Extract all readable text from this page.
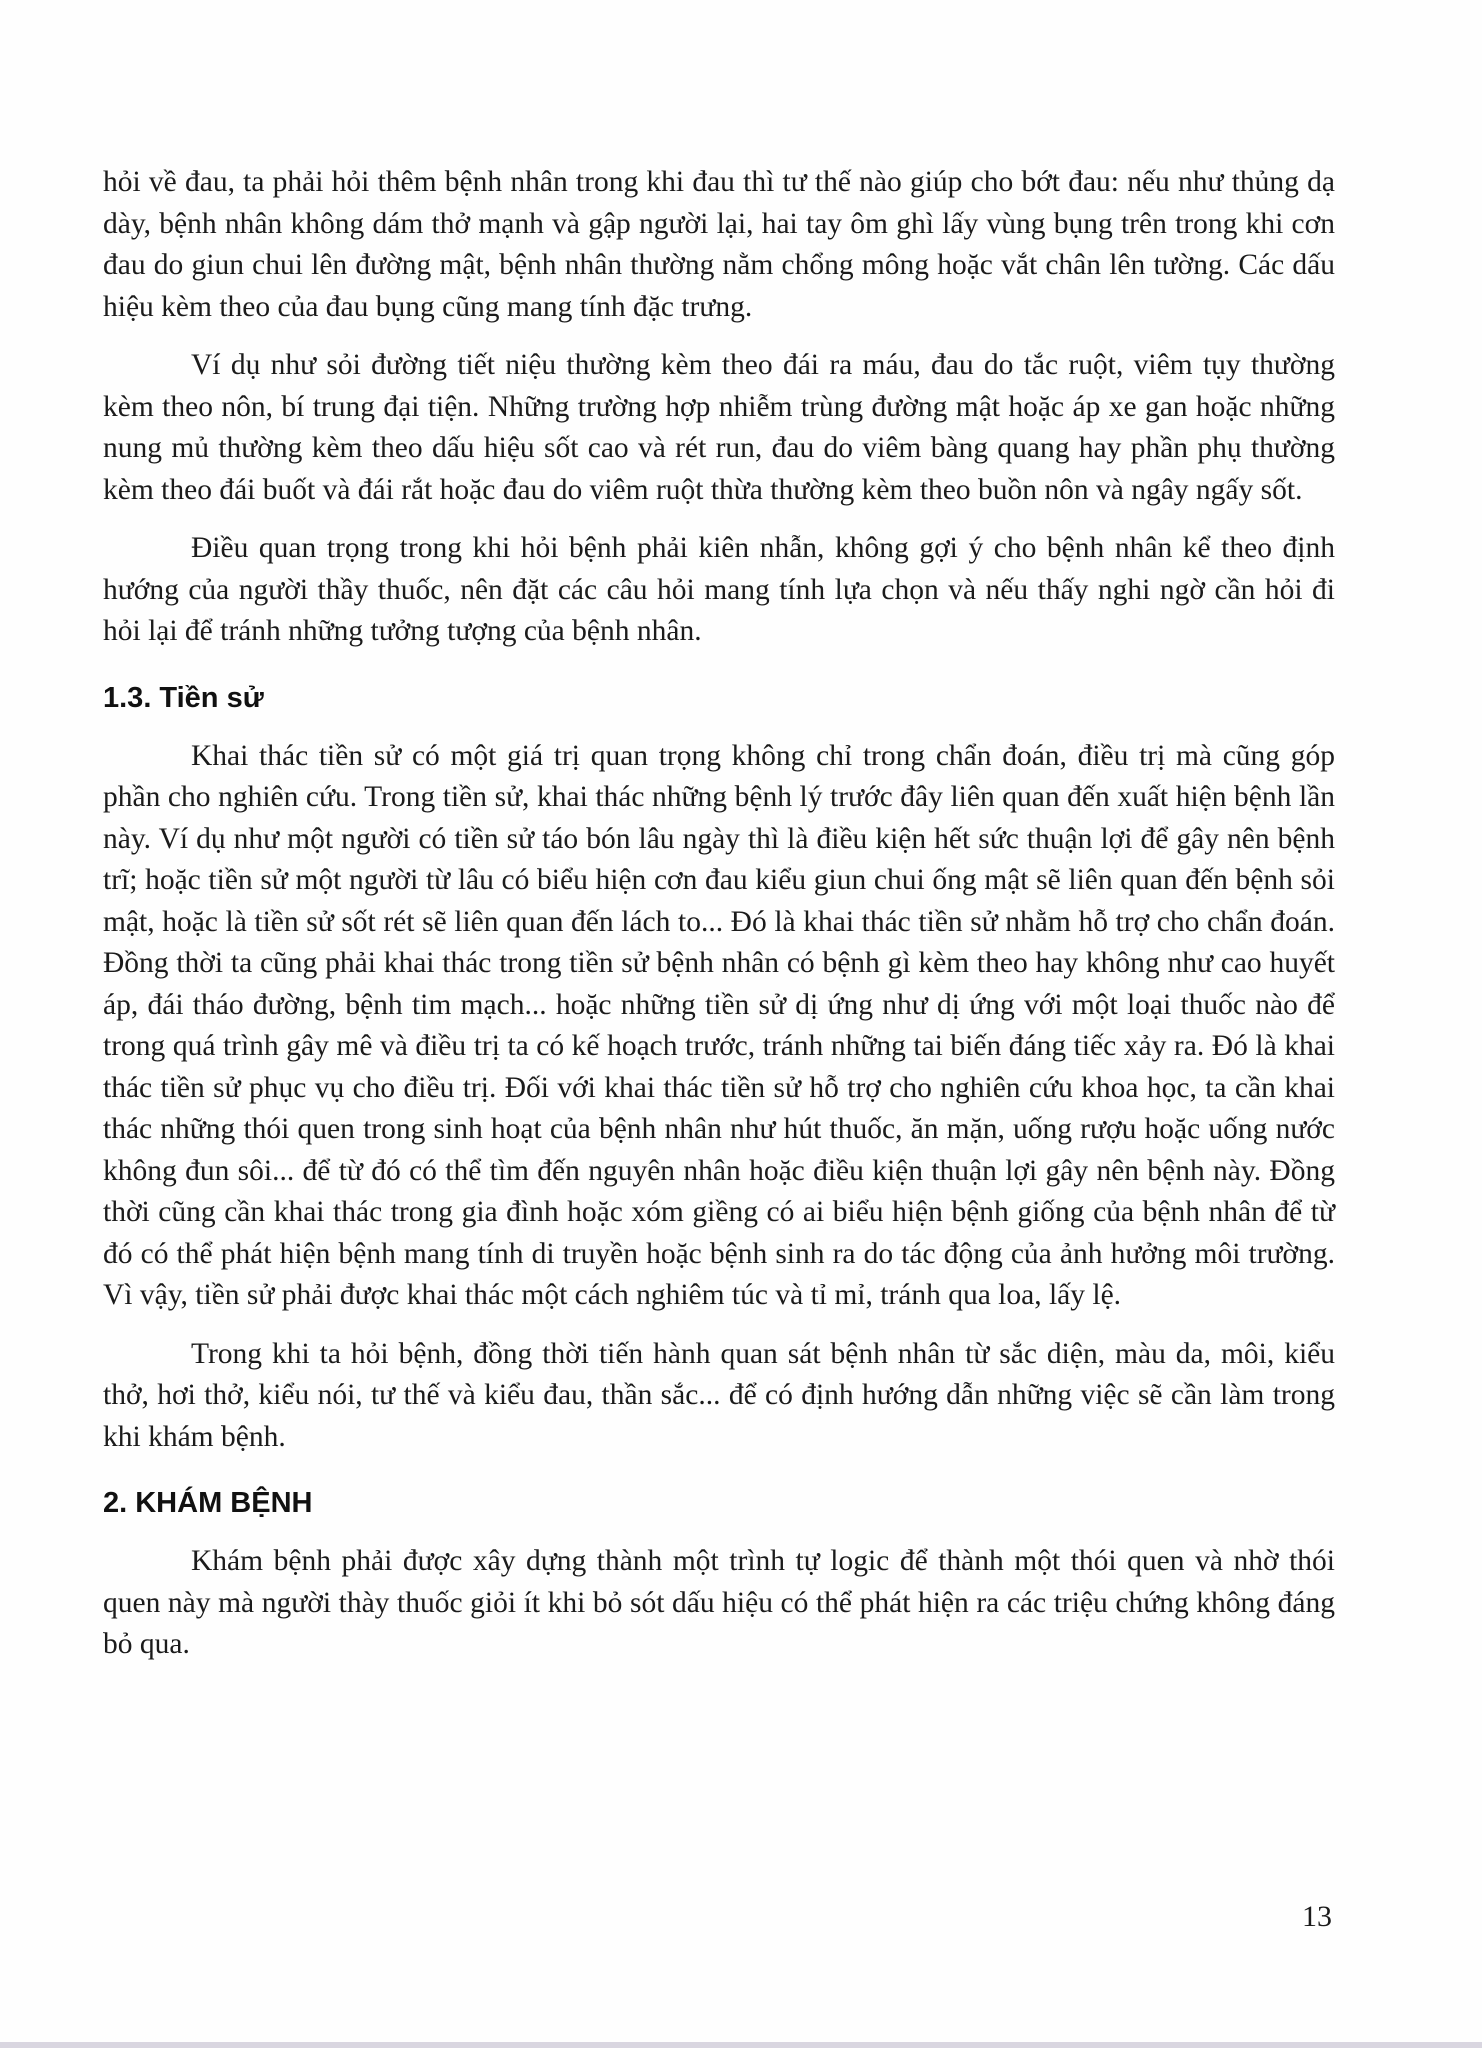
hỏi về đau, ta phải hỏi thêm bệnh nhân trong khi đau thì tư thế nào giúp cho bớt đau: nếu như thủng dạ dày, bệnh nhân không dám thở mạnh và gập người lại, hai tay ôm ghì lấy vùng bụng trên trong khi cơn đau do giun chui lên đường mật, bệnh nhân thường nằm chổng mông hoặc vắt chân lên tường. Các dấu hiệu kèm theo của đau bụng cũng mang tính đặc trưng.

Ví dụ như sỏi đường tiết niệu thường kèm theo đái ra máu, đau do tắc ruột, viêm tụy thường kèm theo nôn, bí trung đại tiện. Những trường hợp nhiễm trùng đường mật hoặc áp xe gan hoặc những nung mủ thường kèm theo dấu hiệu sốt cao và rét run, đau do viêm bàng quang hay phần phụ thường kèm theo đái buốt và đái rắt hoặc đau do viêm ruột thừa thường kèm theo buồn nôn và ngây ngấy sốt.

Điều quan trọng trong khi hỏi bệnh phải kiên nhẫn, không gợi ý cho bệnh nhân kể theo định hướng của người thầy thuốc, nên đặt các câu hỏi mang tính lựa chọn và nếu thấy nghi ngờ cần hỏi đi hỏi lại để tránh những tưởng tượng của bệnh nhân.

1.3. Tiền sử

Khai thác tiền sử có một giá trị quan trọng không chỉ trong chẩn đoán, điều trị mà cũng góp phần cho nghiên cứu. Trong tiền sử, khai thác những bệnh lý trước đây liên quan đến xuất hiện bệnh lần này. Ví dụ như một người có tiền sử táo bón lâu ngày thì là điều kiện hết sức thuận lợi để gây nên bệnh trĩ; hoặc tiền sử một người từ lâu có biểu hiện cơn đau kiểu giun chui ống mật sẽ liên quan đến bệnh sỏi mật, hoặc là tiền sử sốt rét sẽ liên quan đến lách to... Đó là khai thác tiền sử nhằm hỗ trợ cho chẩn đoán. Đồng thời ta cũng phải khai thác trong tiền sử bệnh nhân có bệnh gì kèm theo hay không như cao huyết áp, đái tháo đường, bệnh tim mạch... hoặc những tiền sử dị ứng như dị ứng với một loại thuốc nào để trong quá trình gây mê và điều trị ta có kế hoạch trước, tránh những tai biến đáng tiếc xảy ra. Đó là khai thác tiền sử phục vụ cho điều trị. Đối với khai thác tiền sử hỗ trợ cho nghiên cứu khoa học, ta cần khai thác những thói quen trong sinh hoạt của bệnh nhân như hút thuốc, ăn mặn, uống rượu hoặc uống nước không đun sôi... để từ đó có thể tìm đến nguyên nhân hoặc điều kiện thuận lợi gây nên bệnh này. Đồng thời cũng cần khai thác trong gia đình hoặc xóm giềng có ai biểu hiện bệnh giống của bệnh nhân để từ đó có thể phát hiện bệnh mang tính di truyền hoặc bệnh sinh ra do tác động của ảnh hưởng môi trường. Vì vậy, tiền sử phải được khai thác một cách nghiêm túc và tỉ mỉ, tránh qua loa, lấy lệ.

Trong khi ta hỏi bệnh, đồng thời tiến hành quan sát bệnh nhân từ sắc diện, màu da, môi, kiểu thở, hơi thở, kiểu nói, tư thế và kiểu đau, thần sắc... để có định hướng dẫn những việc sẽ cần làm trong khi khám bệnh.

2. KHÁM BỆNH

Khám bệnh phải được xây dựng thành một trình tự logic để thành một thói quen và nhờ thói quen này mà người thày thuốc giỏi ít khi bỏ sót dấu hiệu có thể phát hiện ra các triệu chứng không đáng bỏ qua.

13
